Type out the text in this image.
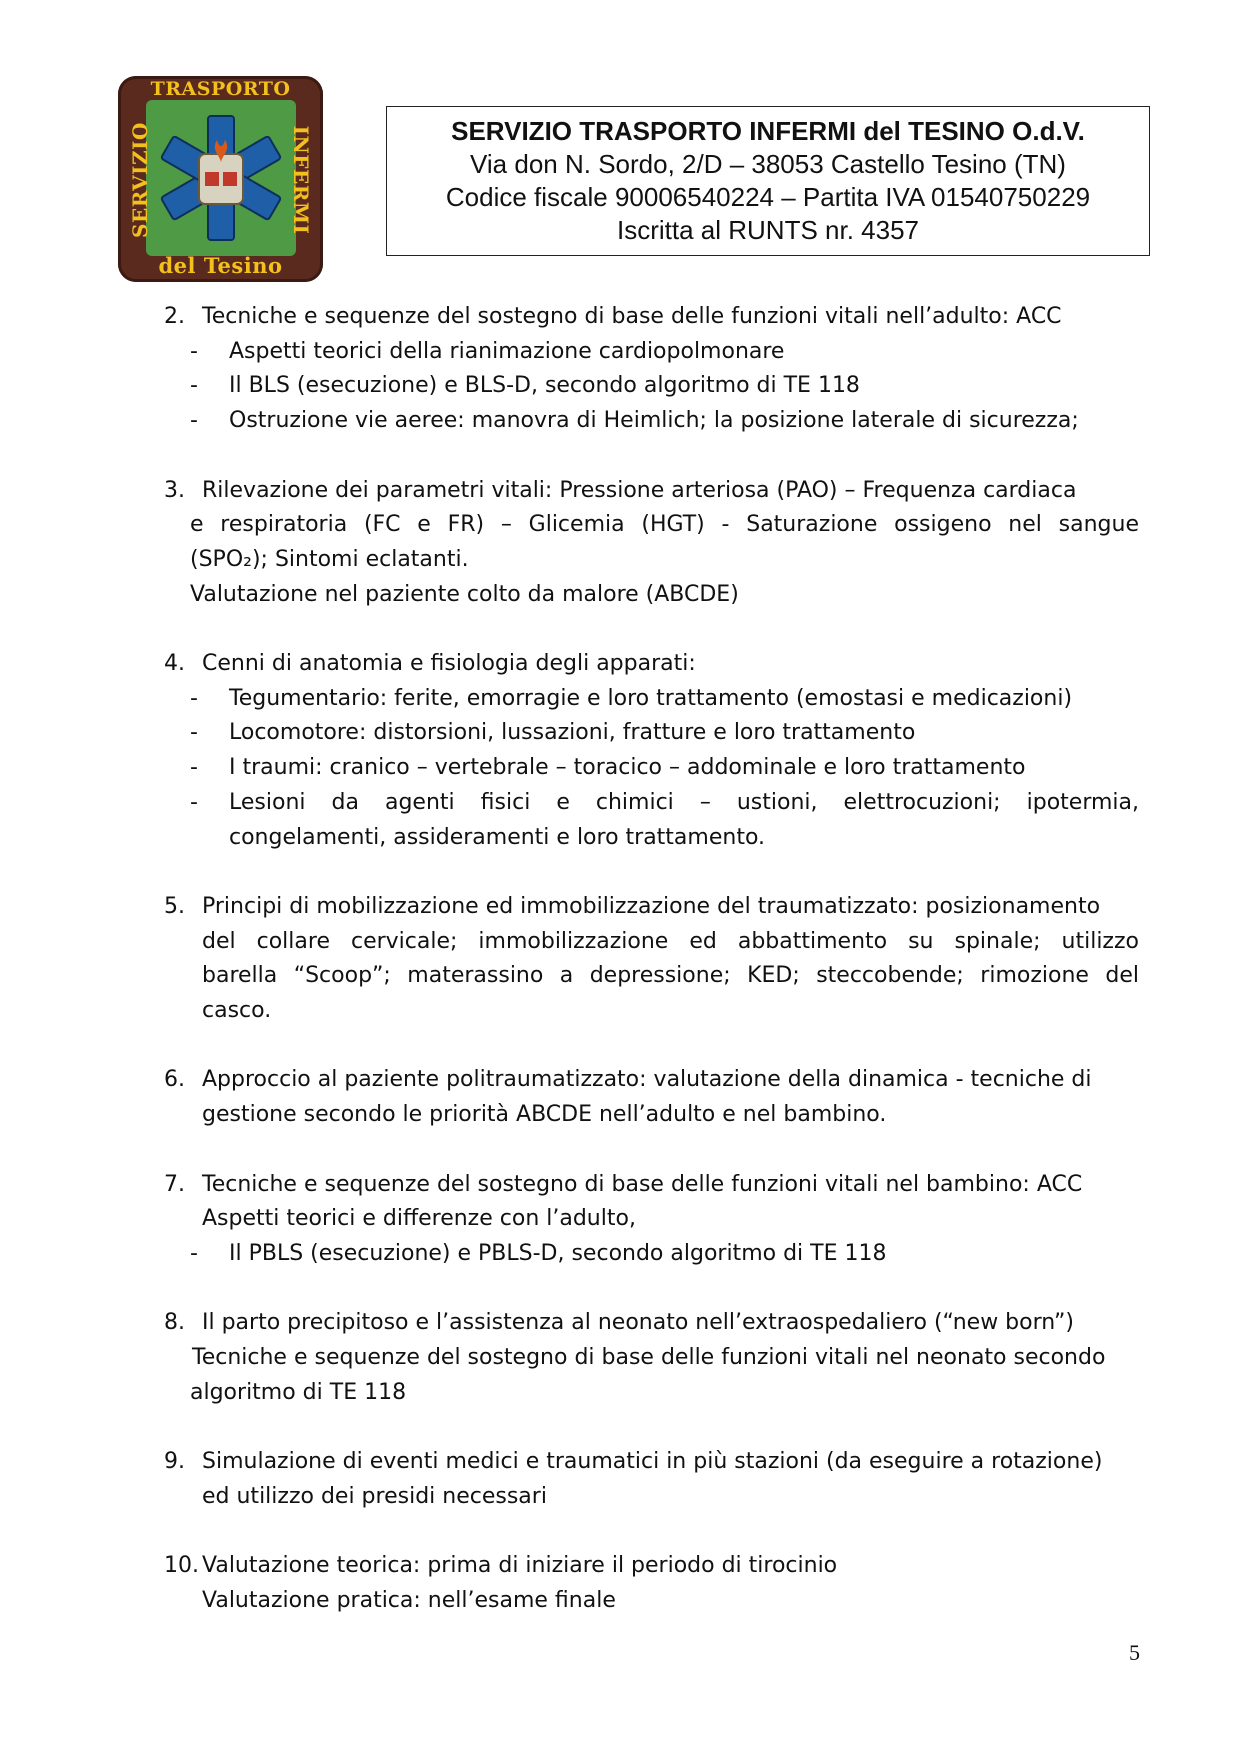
TRASPORTO
SERVIZIO	INFERMI
del Tesino
SERVIZIO TRASPORTO INFERMI del TESINO O.d.V.
Via don N. Sordo, 2/D – 38053 Castello Tesino (TN)
Codice fiscale 90006540224 – Partita IVA 01540750229
Iscritta al RUNTS nr. 4357
2. Tecniche e sequenze del sostegno di base delle funzioni vitali nell’adulto: ACC
- Aspetti teorici della rianimazione cardiopolmonare
- Il BLS (esecuzione) e BLS-D, secondo algoritmo di TE 118
- Ostruzione vie aeree: manovra di Heimlich; la posizione laterale di sicurezza;
3. Rilevazione dei parametri vitali: Pressione arteriosa (PAO) – Frequenza cardiaca
e respiratoria (FC e FR) – Glicemia (HGT) - Saturazione ossigeno nel sangue
(SPO₂); Sintomi eclatanti.
Valutazione nel paziente colto da malore (ABCDE)
4. Cenni di anatomia e fisiologia degli apparati:
- Tegumentario: ferite, emorragie e loro trattamento (emostasi e medicazioni)
- Locomotore: distorsioni, lussazioni, fratture e loro trattamento
- I traumi: cranico – vertebrale – toracico – addominale e loro trattamento
- Lesioni da agenti fisici e chimici – ustioni, elettrocuzioni; ipotermia,
congelamenti, assideramenti e loro trattamento.
5. Principi di mobilizzazione ed immobilizzazione del traumatizzato: posizionamento
del collare cervicale; immobilizzazione ed abbattimento su spinale; utilizzo
barella “Scoop”; materassino a depressione; KED; steccobende; rimozione del
casco.
6. Approccio al paziente politraumatizzato: valutazione della dinamica - tecniche di
gestione secondo le priorità ABCDE nell’adulto e nel bambino.
7. Tecniche e sequenze del sostegno di base delle funzioni vitali nel bambino: ACC
Aspetti teorici e differenze con l’adulto,
- Il PBLS (esecuzione) e PBLS-D, secondo algoritmo di TE 118
8. Il parto precipitoso e l’assistenza al neonato nell’extraospedaliero (“new born”)
Tecniche e sequenze del sostegno di base delle funzioni vitali nel neonato secondo
algoritmo di TE 118
9. Simulazione di eventi medici e traumatici in più stazioni (da eseguire a rotazione)
ed utilizzo dei presidi necessari
10. Valutazione teorica: prima di iniziare il periodo di tirocinio
Valutazione pratica: nell’esame finale
5
